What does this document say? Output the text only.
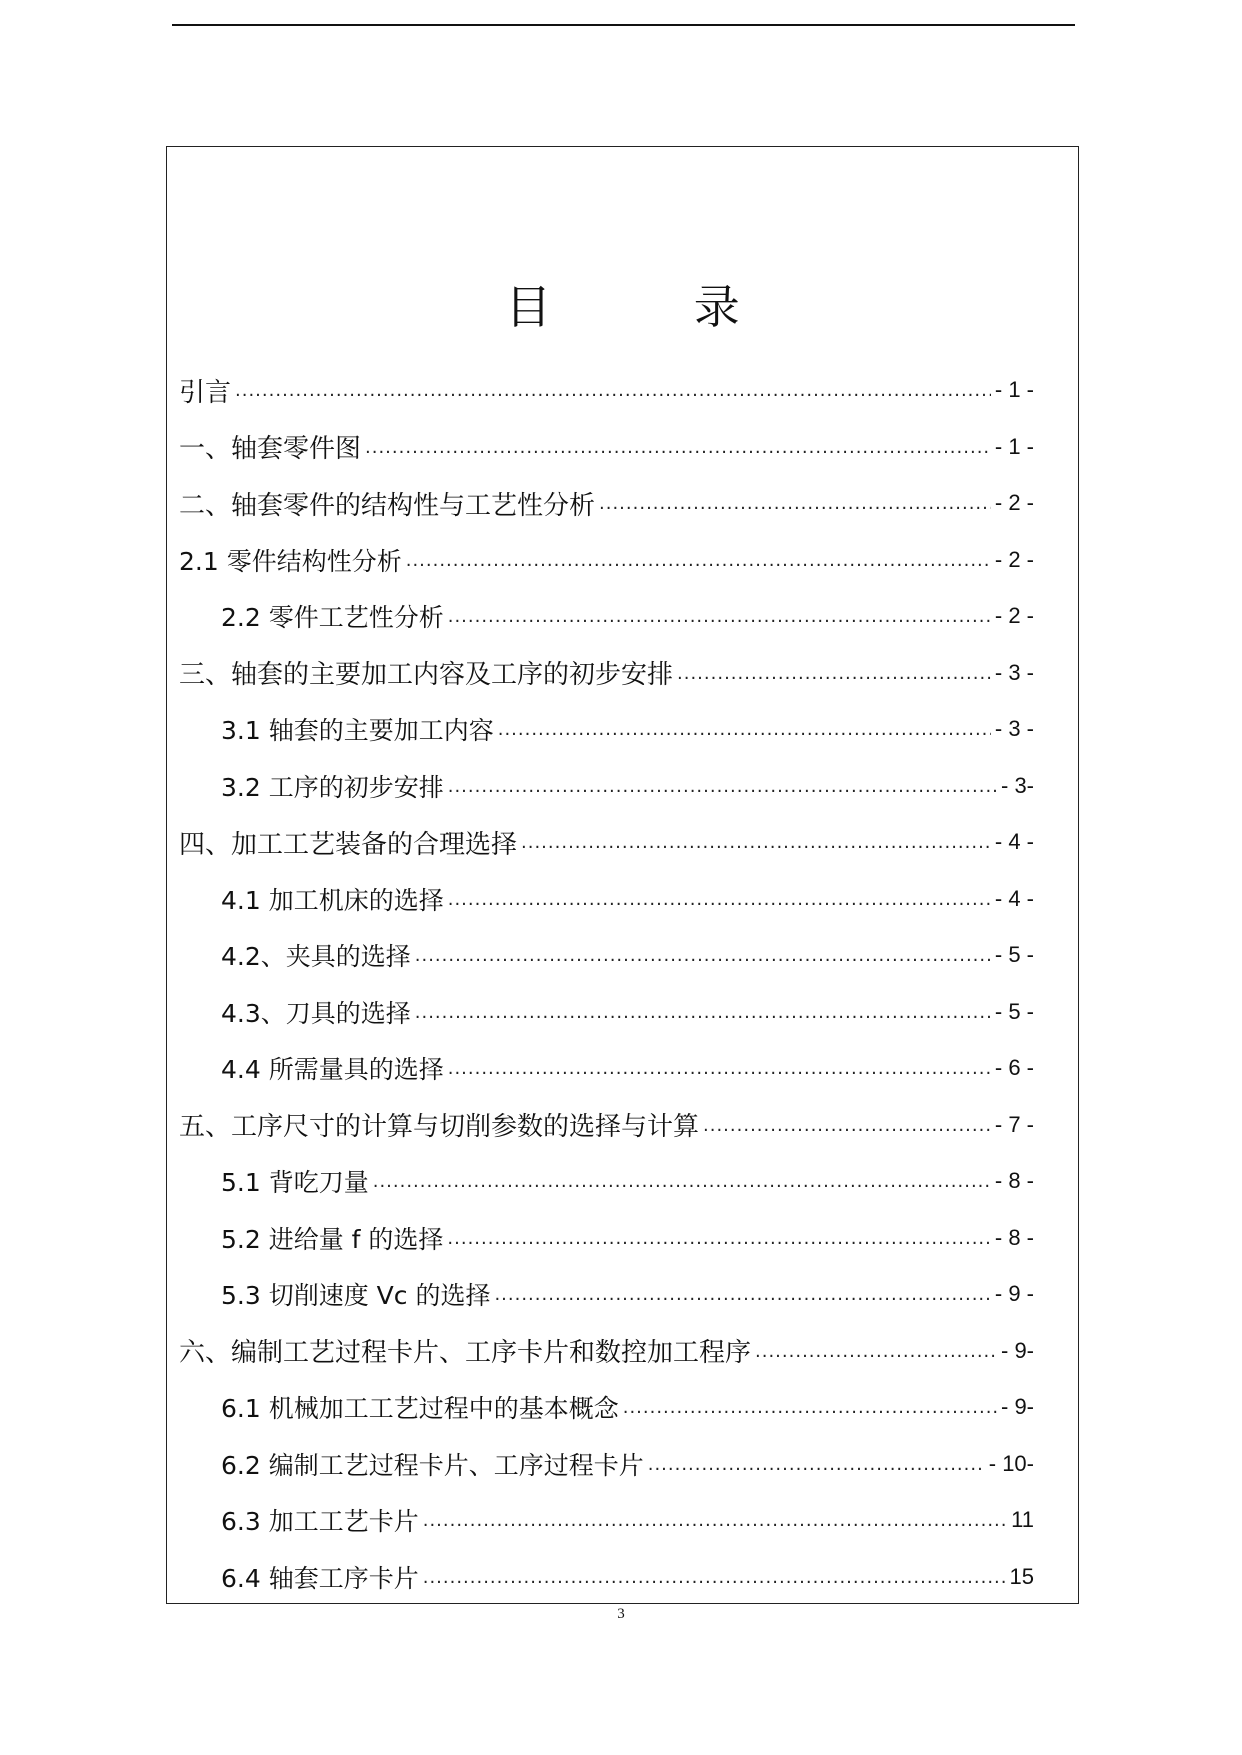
目 录
引言 .....	- 1 -
一、轴套零件图 .....	- 1 -
二、轴套零件的结构性与工艺性分析 .....	- 2 -
2.1 零件结构性分析 .....	- 2 -
2.2 零件工艺性分析 .....	- 2 -
三、轴套的主要加工内容及工序的初步安排 .....	- 3 -
3.1 轴套的主要加工内容 .....	- 3 -
3.2 工序的初步安排 .....	- 3-
四、加工工艺装备的合理选择 .....	- 4 -
4.1 加工机床的选择 .....	- 4 -
4.2、夹具的选择 .....	- 5 -
4.3、刀具的选择 .....	- 5 -
4.4 所需量具的选择 .....	- 6 -
五、工序尺寸的计算与切削参数的选择与计算 .....	- 7 -
5.1 背吃刀量 .....	- 8 -
5.2 进给量 f 的选择 .....	- 8 -
5.3 切削速度 Vc 的选择 .....	- 9 -
六、编制工艺过程卡片、工序卡片和数控加工程序 .....	- 9-
6.1 机械加工工艺过程中的基本概念 .....	- 9-
6.2 编制工艺过程卡片、工序过程卡片 .....	- 10-
6.3 加工工艺卡片 .....	11
6.4 轴套工序卡片 .....	15
3
